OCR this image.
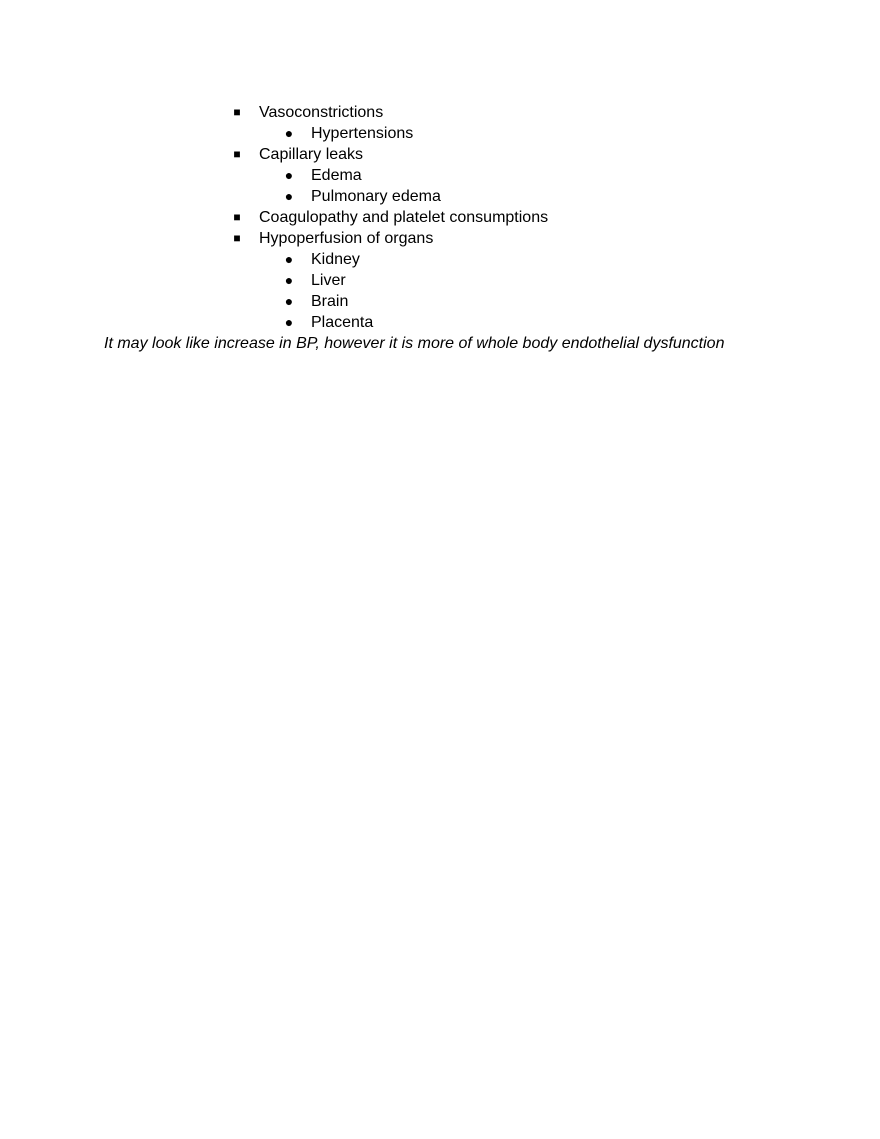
■	Vasoconstrictions
●	Hypertensions
■	Capillary leaks
●	Edema
●	Pulmonary edema
■	Coagulopathy and platelet consumptions
■	Hypoperfusion of organs
●	Kidney
●	Liver
●	Brain
●	Placenta
It may look like increase in BP, however it is more of whole body endothelial dysfunction
